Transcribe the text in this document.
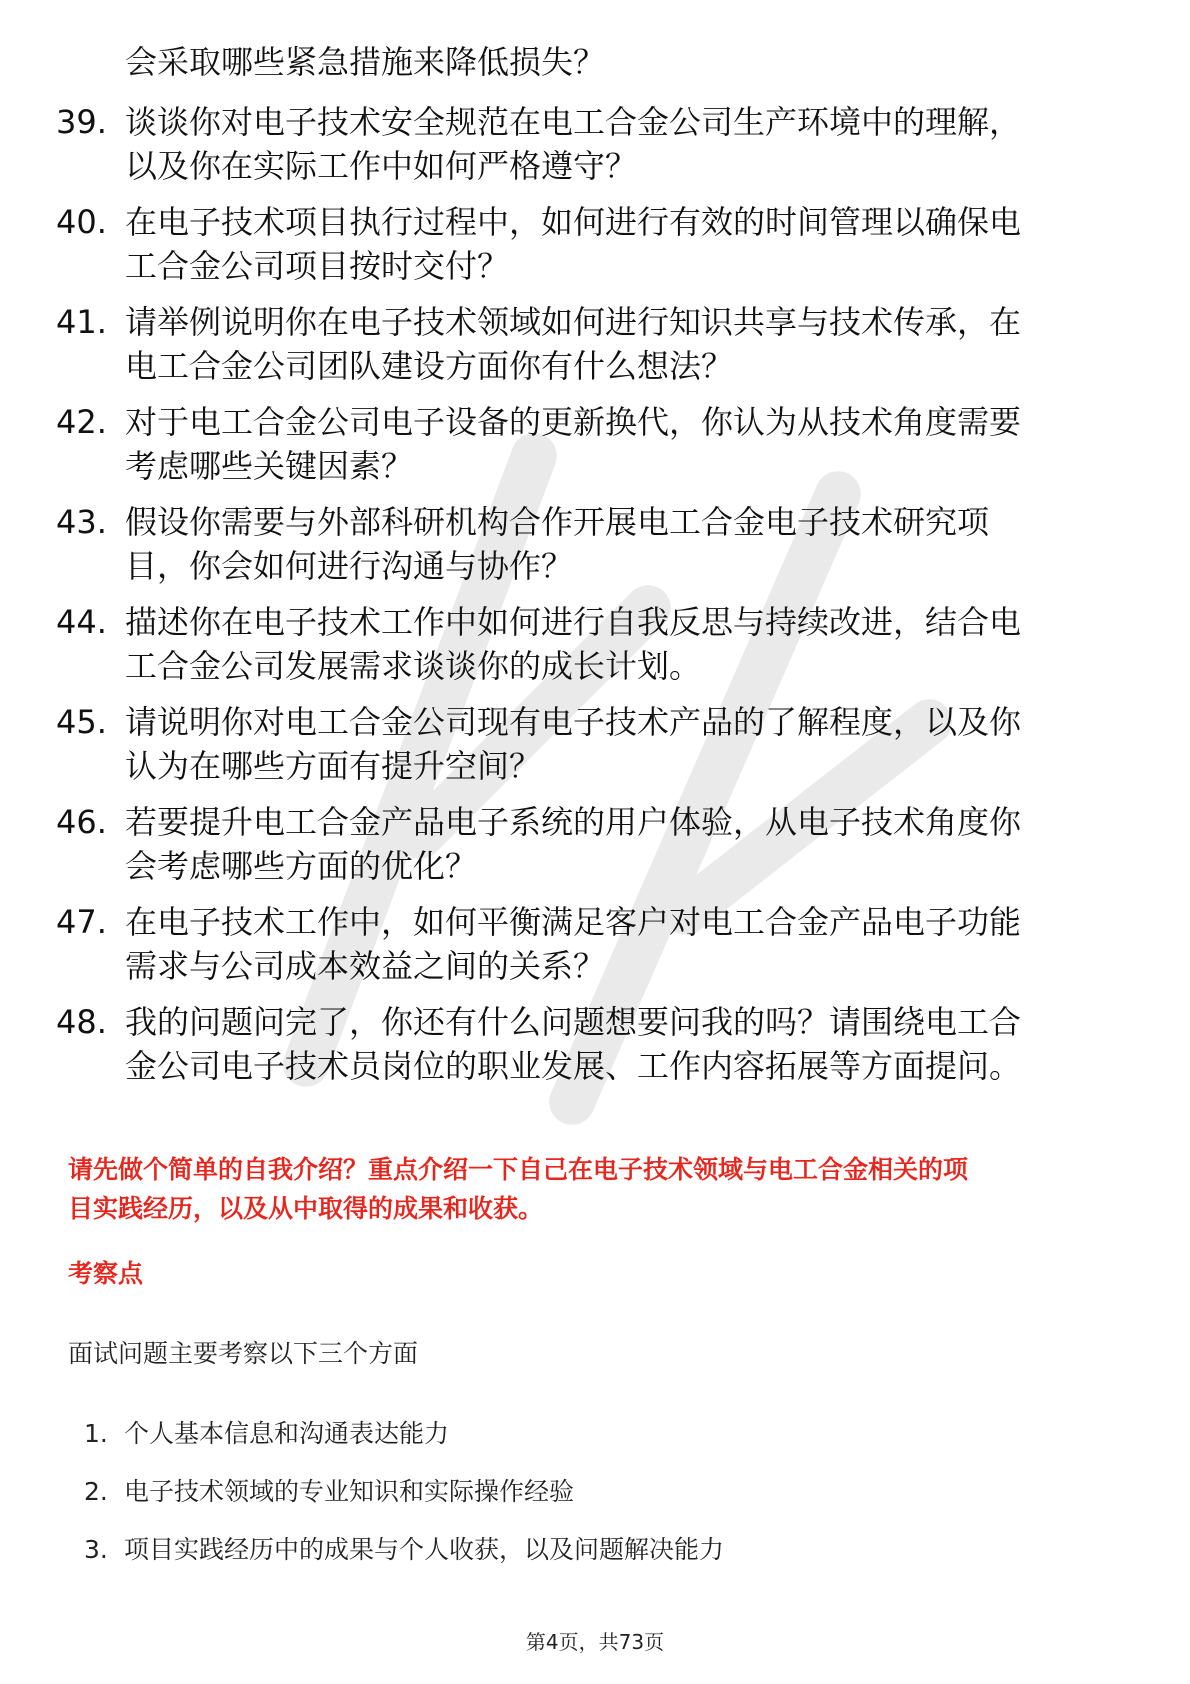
会采取哪些紧急措施来降低损失？
39. 谈谈你对电子技术安全规范在电工合金公司生产环境中的理解，
以及你在实际工作中如何严格遵守？
40. 在电子技术项目执行过程中，如何进行有效的时间管理以确保电
工合金公司项目按时交付？
41. 请举例说明你在电子技术领域如何进行知识共享与技术传承，在
电工合金公司团队建设方面你有什么想法？
42. 对于电工合金公司电子设备的更新换代，你认为从技术角度需要
考虑哪些关键因素？
43. 假设你需要与外部科研机构合作开展电工合金电子技术研究项
目，你会如何进行沟通与协作？
44. 描述你在电子技术工作中如何进行自我反思与持续改进，结合电
工合金公司发展需求谈谈你的成长计划。
45. 请说明你对电工合金公司现有电子技术产品的了解程度，以及你
认为在哪些方面有提升空间？
46. 若要提升电工合金产品电子系统的用户体验，从电子技术角度你
会考虑哪些方面的优化？
47. 在电子技术工作中，如何平衡满足客户对电工合金产品电子功能
需求与公司成本效益之间的关系？
48. 我的问题问完了，你还有什么问题想要问我的吗？请围绕电工合
金公司电子技术员岗位的职业发展、工作内容拓展等方面提问。
请先做个简单的自我介绍？重点介绍一下自己在电子技术领域与电工合金相关的项
目实践经历，以及从中取得的成果和收获。
考察点
面试问题主要考察以下三个方面
1. 个人基本信息和沟通表达能力
2. 电子技术领域的专业知识和实际操作经验
3. 项目实践经历中的成果与个人收获，以及问题解决能力
第4页，共73页
